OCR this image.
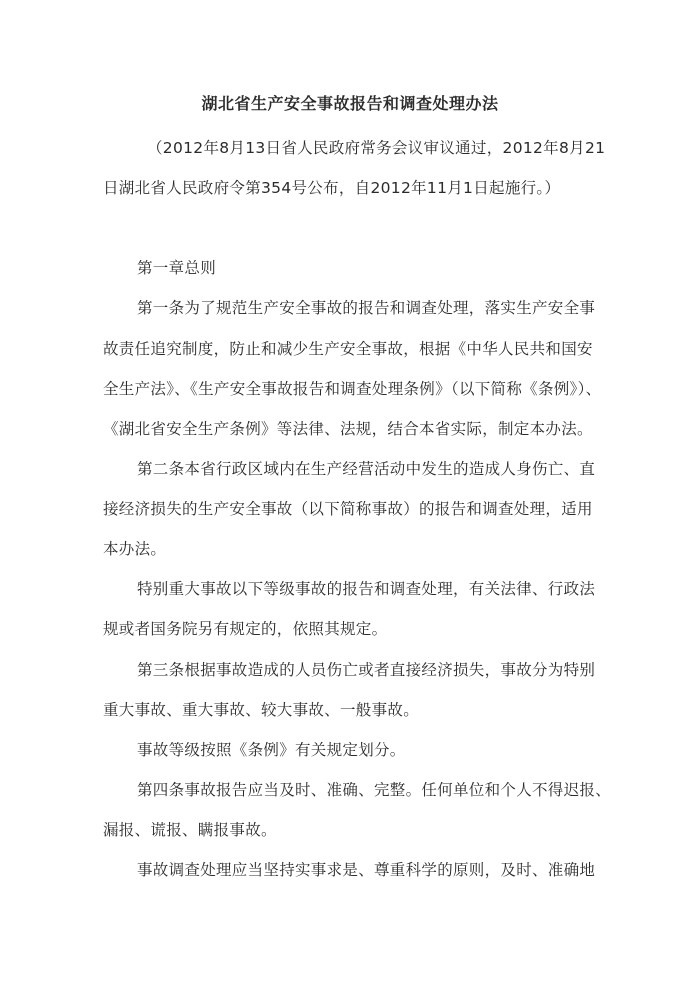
湖北省生产安全事故报告和调查处理办法
（2012年8月13日省人民政府常务会议审议通过，2012年8月21
日湖北省人民政府令第354号公布，自2012年11月1日起施行。）
第一章总则
第一条为了规范生产安全事故的报告和调查处理，落实生产安全事
故责任追究制度，防止和减少生产安全事故，根据《中华人民共和国安
全生产法》、《生产安全事故报告和调查处理条例》（以下简称《条例》）、
《湖北省安全生产条例》等法律、法规，结合本省实际，制定本办法。
第二条本省行政区域内在生产经营活动中发生的造成人身伤亡、直
接经济损失的生产安全事故（以下简称事故）的报告和调查处理，适用
本办法。
特别重大事故以下等级事故的报告和调查处理，有关法律、行政法
规或者国务院另有规定的，依照其规定。
第三条根据事故造成的人员伤亡或者直接经济损失，事故分为特别
重大事故、重大事故、较大事故、一般事故。
事故等级按照《条例》有关规定划分。
第四条事故报告应当及时、准确、完整。任何单位和个人不得迟报、
漏报、谎报、瞒报事故。
事故调查处理应当坚持实事求是、尊重科学的原则，及时、准确地
